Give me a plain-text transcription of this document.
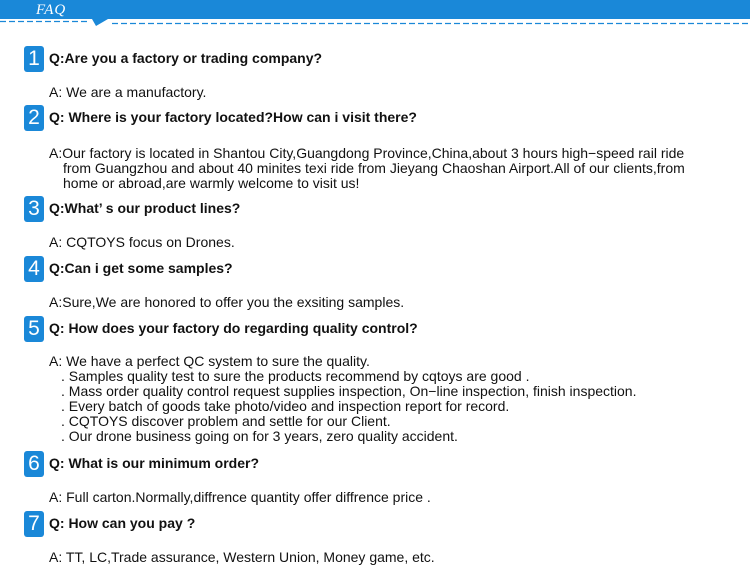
FAQ
1 Q:Are you a factory or trading company?
A: We are a manufactory.
2 Q: Where is your factory located?How can i visit there?
A:Our factory is located in Shantou City,Guangdong Province,China,about 3 hours high−speed rail ride
from Guangzhou and about 40 minites texi ride from Jieyang Chaoshan Airport.All of our clients,from
home or abroad,are warmly welcome to visit us!
3 Q:What’ s our product lines?
A: CQTOYS focus on Drones.
4 Q:Can i get some samples?
A:Sure,We are honored to offer you the exsiting samples.
5 Q: How does your factory do regarding quality control?
A: We have a perfect QC system to sure the quality.
. Samples quality test to sure the products recommend by cqtoys are good .
. Mass order quality control request supplies inspection, On−line inspection, finish inspection.
. Every batch of goods take photo/video and inspection report for record.
. CQTOYS discover problem and settle for our Client.
. Our drone business going on for 3 years, zero quality accident.
6 Q: What is our minimum order?
A: Full carton.Normally,diffrence quantity offer diffrence price .
7 Q: How can you pay ?
A: TT, LC,Trade assurance, Western Union, Money game, etc.
